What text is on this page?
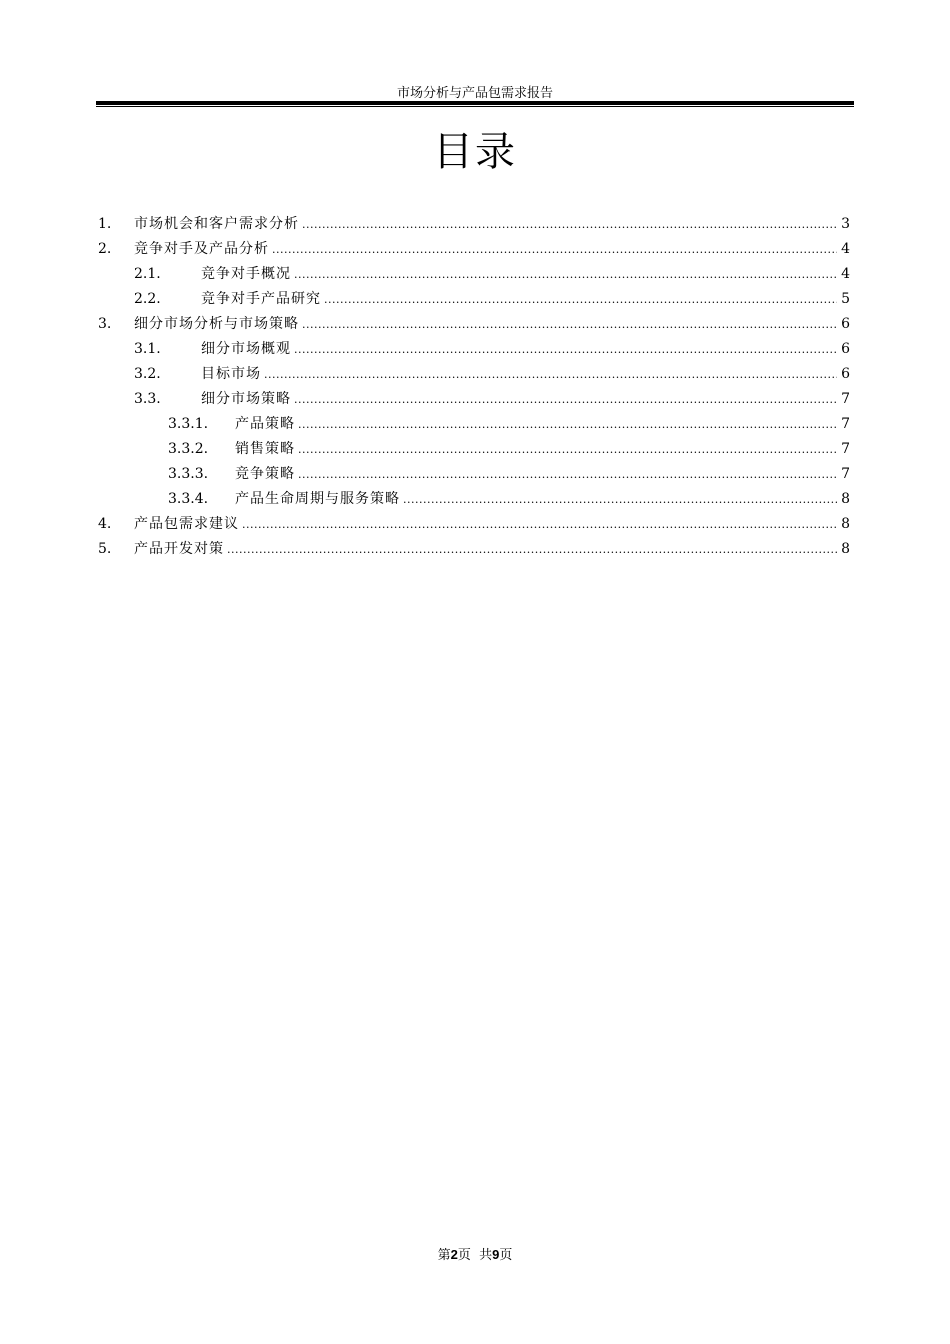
市场分析与产品包需求报告
目录
1.	市场机会和客户需求分析 .....	3
2.	竞争对手及产品分析 .....	4
2.1.	竞争对手概况 .....	4
2.2.	竞争对手产品研究 .....	5
3.	细分市场分析与市场策略 .....	6
3.1.	细分市场概观 .....	6
3.2.	目标市场 .....	6
3.3.	细分市场策略 .....	7
3.3.1.	产品策略 .....	7
3.3.2.	销售策略 .....	7
3.3.3.	竞争策略 .....	7
3.3.4.	产品生命周期与服务策略 .....	8
4.	产品包需求建议 .....	8
5.	产品开发对策 .....	8
第2页  共9页
